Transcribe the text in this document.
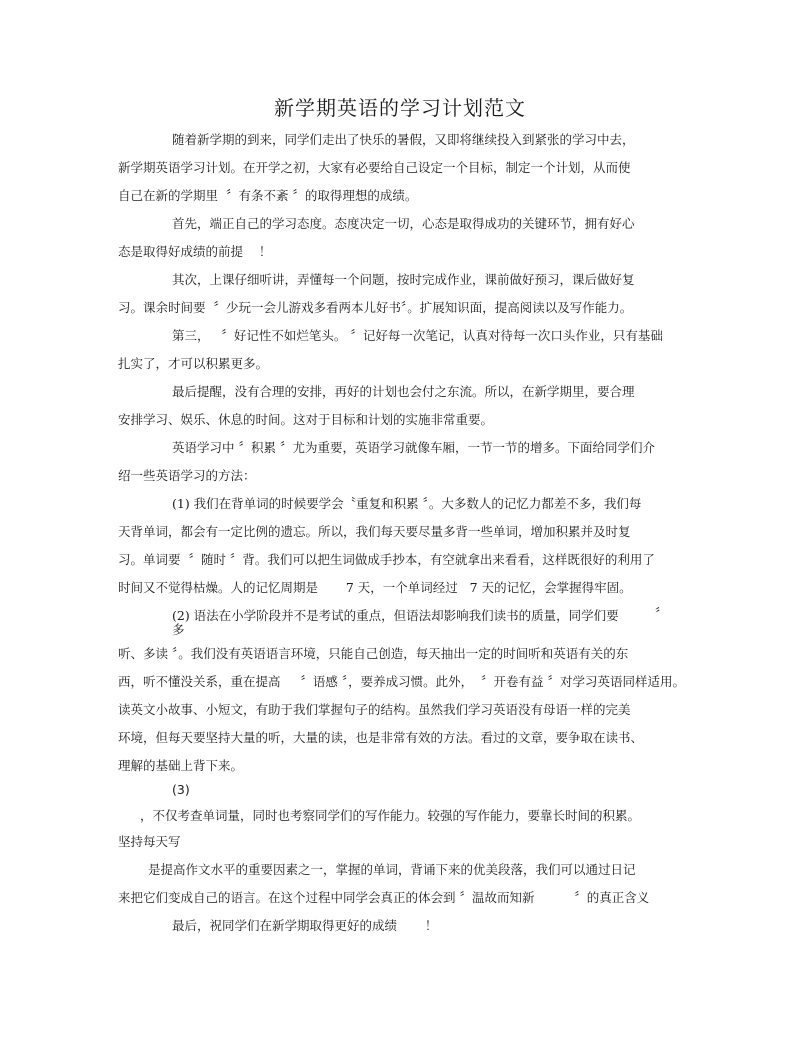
新学期英语的学习计划范文
随着新学期的到来，同学们走出了快乐的暑假，又即将继续投入到紧张的学习中去，
新学期英语学习计划。在开学之初，大家有必要给自己设定一个目标，制定一个计划，从而使
自己在新的学期里  〞有条不紊 〞的取得理想的成绩。
首先，端正自己的学习态度。态度决定一切，心态是取得成功的关键环节，拥有好心
态是取得好成绩的前提    ！
其次，上课仔细听讲，弄懂每一个问题，按时完成作业，课前做好预习，课后做好复
习。课余时间要  〞少玩一会儿游戏多看两本儿好书〞。扩展知识面，提高阅读以及写作能力。
第三，   〞好记性不如烂笔头。 〞记好每一次笔记，认真对待每一次口头作业，只有基础
扎实了，才可以积累更多。
最后提醒，没有合理的安排，再好的计划也会付之东流。所以，在新学期里，要合理
安排学习、娱乐、休息的时间。这对于目标和计划的实施非常重要。
英语学习中 〞积累 〞尤为重要，英语学习就像车厢，一节一节的增多。下面给同学们介
绍一些英语学习的方法：
(1) 我们在背单词的时候要学会〝重复和积累 〞。大多数人的记忆力都差不多，我们每
天背单词，都会有一定比例的遗忘。所以，我们每天要尽量多背一些单词，增加积累并及时复
习。单词要  〞随时 〞背。我们可以把生词做成手抄本，有空就拿出来看看，这样既很好的利用了
时间又不觉得枯燥。人的记忆周期是       7 天，一个单词经过   7 天的记忆，会掌握得牢固。
(2) 语法在小学阶段并不是考试的重点，但语法却影响我们读书的质量，同学们要	〞
多
听、多读 〞。我们没有英语语言环境，只能自己创造，每天抽出一定的时间听和英语有关的东
西，听不懂没关系，重在提高     〞语感 〞，要养成习惯。此外，  〞开卷有益 〞对学习英语同样适用。
读英文小故事、小短文，有助于我们掌握句子的结构。虽然我们学习英语没有母语一样的完美
环境，但每天要坚持大量的听，大量的读，也是非常有效的方法。看过的文章，要争取在读书、
理解的基础上背下来。
(3)
，不仅考查单词量，同时也考察同学们的写作能力。较强的写作能力，要靠长时间的积累。
坚持每天写
是提高作文水平的重要因素之一，掌握的单词，背诵下来的优美段落，我们可以通过日记
来把它们变成自己的语言。在这个过程中同学会真正的体会到 〞温故而知新          〞的真正含义
最后，祝同学们在新学期取得更好的成绩       ！
